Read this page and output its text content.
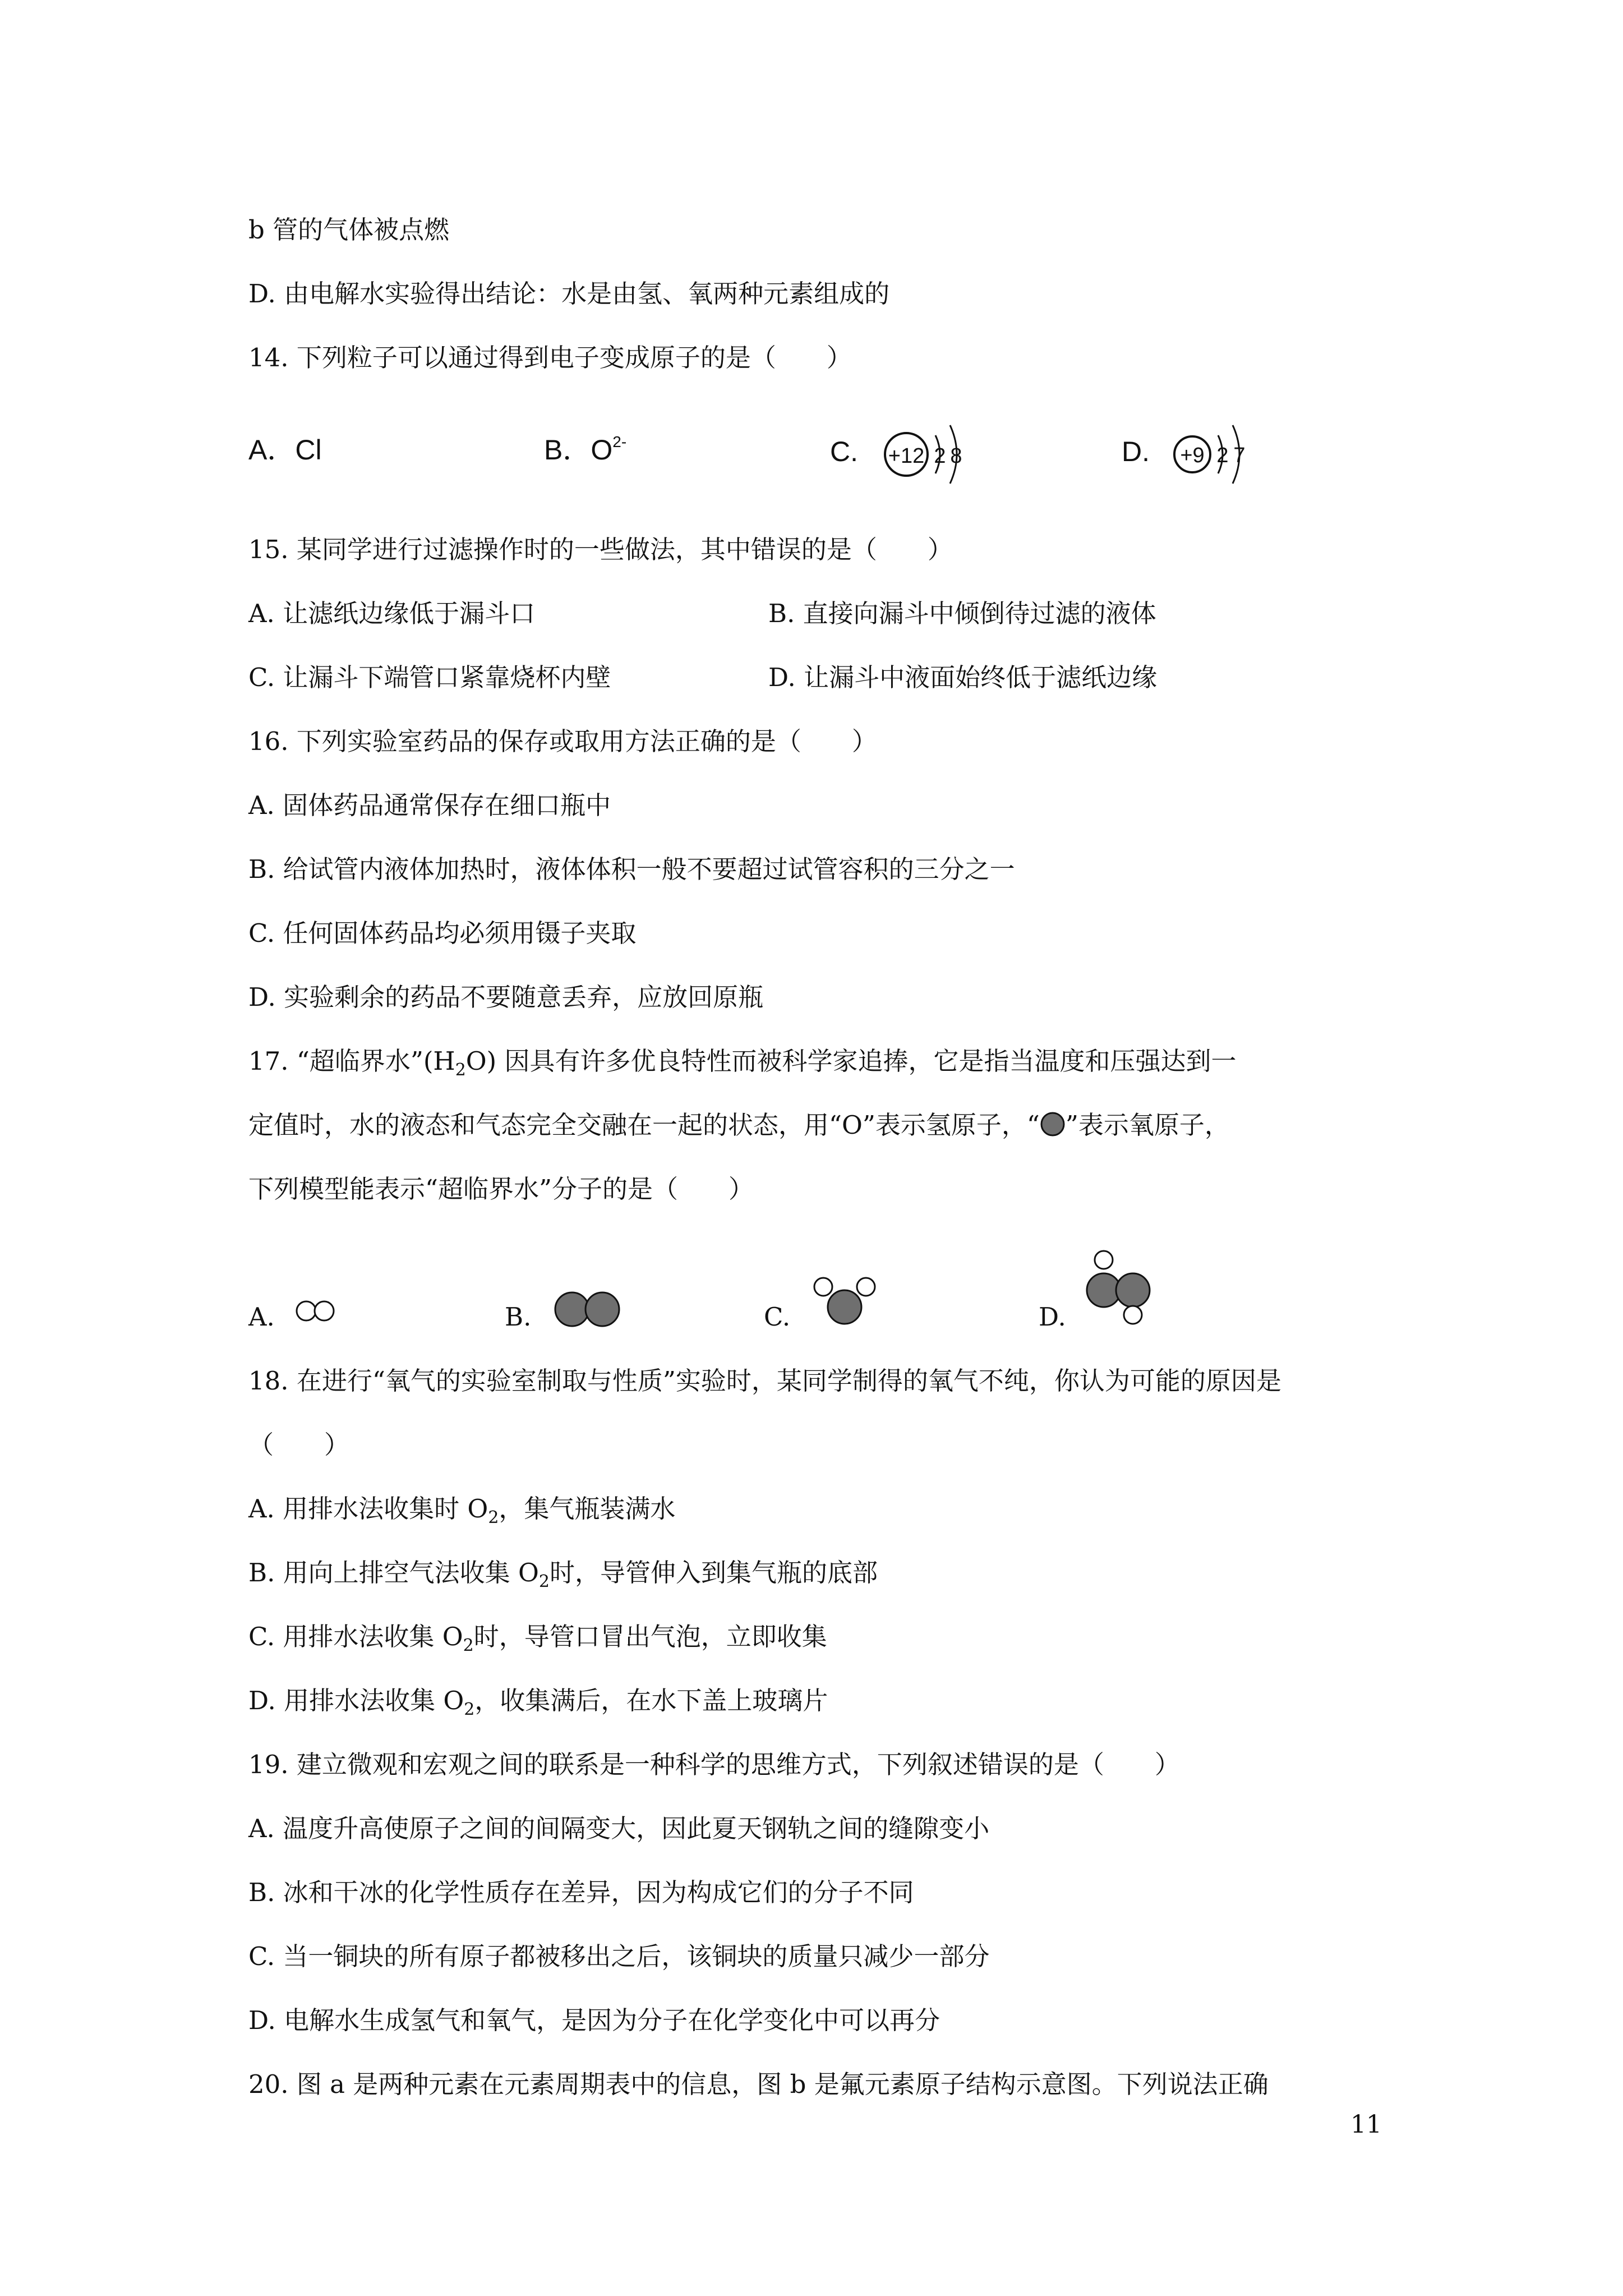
b 管的气体被点燃
D. 由电解水实验得出结论：水是由氢、氧两种元素组成的
14. 下列粒子可以通过得到电子变成原子的是（　　）
A．Cl	B．$O^{2-}$	C. +12 2 8	D. +9 2 7
15. 某同学进行过滤操作时的一些做法，其中错误的是（　　）
A. 让滤纸边缘低于漏斗口	B. 直接向漏斗中倾倒待过滤的液体
C. 让漏斗下端管口紧靠烧杯内壁	D. 让漏斗中液面始终低于滤纸边缘
16. 下列实验室药品的保存或取用方法正确的是（　　）
A. 固体药品通常保存在细口瓶中
B. 给试管内液体加热时，液体体积一般不要超过试管容积的三分之一
C. 任何固体药品均必须用镊子夹取
D. 实验剩余的药品不要随意丢弃，应放回原瓶
17. “超临界水$”(H_2O)$ 因具有许多优良特性而被科学家追捧，它是指当温度和压强达到一
定值时，水的液态和气态完全交融在一起的状态，用“O”表示氢原子，“ ”表示氧原子，
下列模型能表示“超临界水”分子的是（　　）
A.	B.	C.	D.
18. 在进行“氧气的实验室制取与性质”实验时，某同学制得的氧气不纯，你认为可能的原因是
（　　）
A. 用排水法收集时 $O_2$，集气瓶装满水
B. 用向上排空气法收集 $O_2$时，导管伸入到集气瓶的底部
C. 用排水法收集 $O_2$时，导管口冒出气泡，立即收集
D. 用排水法收集 $O_2$，收集满后，在水下盖上玻璃片
19. 建立微观和宏观之间的联系是一种科学的思维方式，下列叙述错误的是（　　）
A. 温度升高使原子之间的间隔变大，因此夏天钢轨之间的缝隙变小
B. 冰和干冰的化学性质存在差异，因为构成它们的分子不同
C. 当一铜块的所有原子都被移出之后，该铜块的质量只减少一部分
D. 电解水生成氢气和氧气，是因为分子在化学变化中可以再分
20. 图 a 是两种元素在元素周期表中的信息，图 b 是氟元素原子结构示意图。下列说法正确
11
